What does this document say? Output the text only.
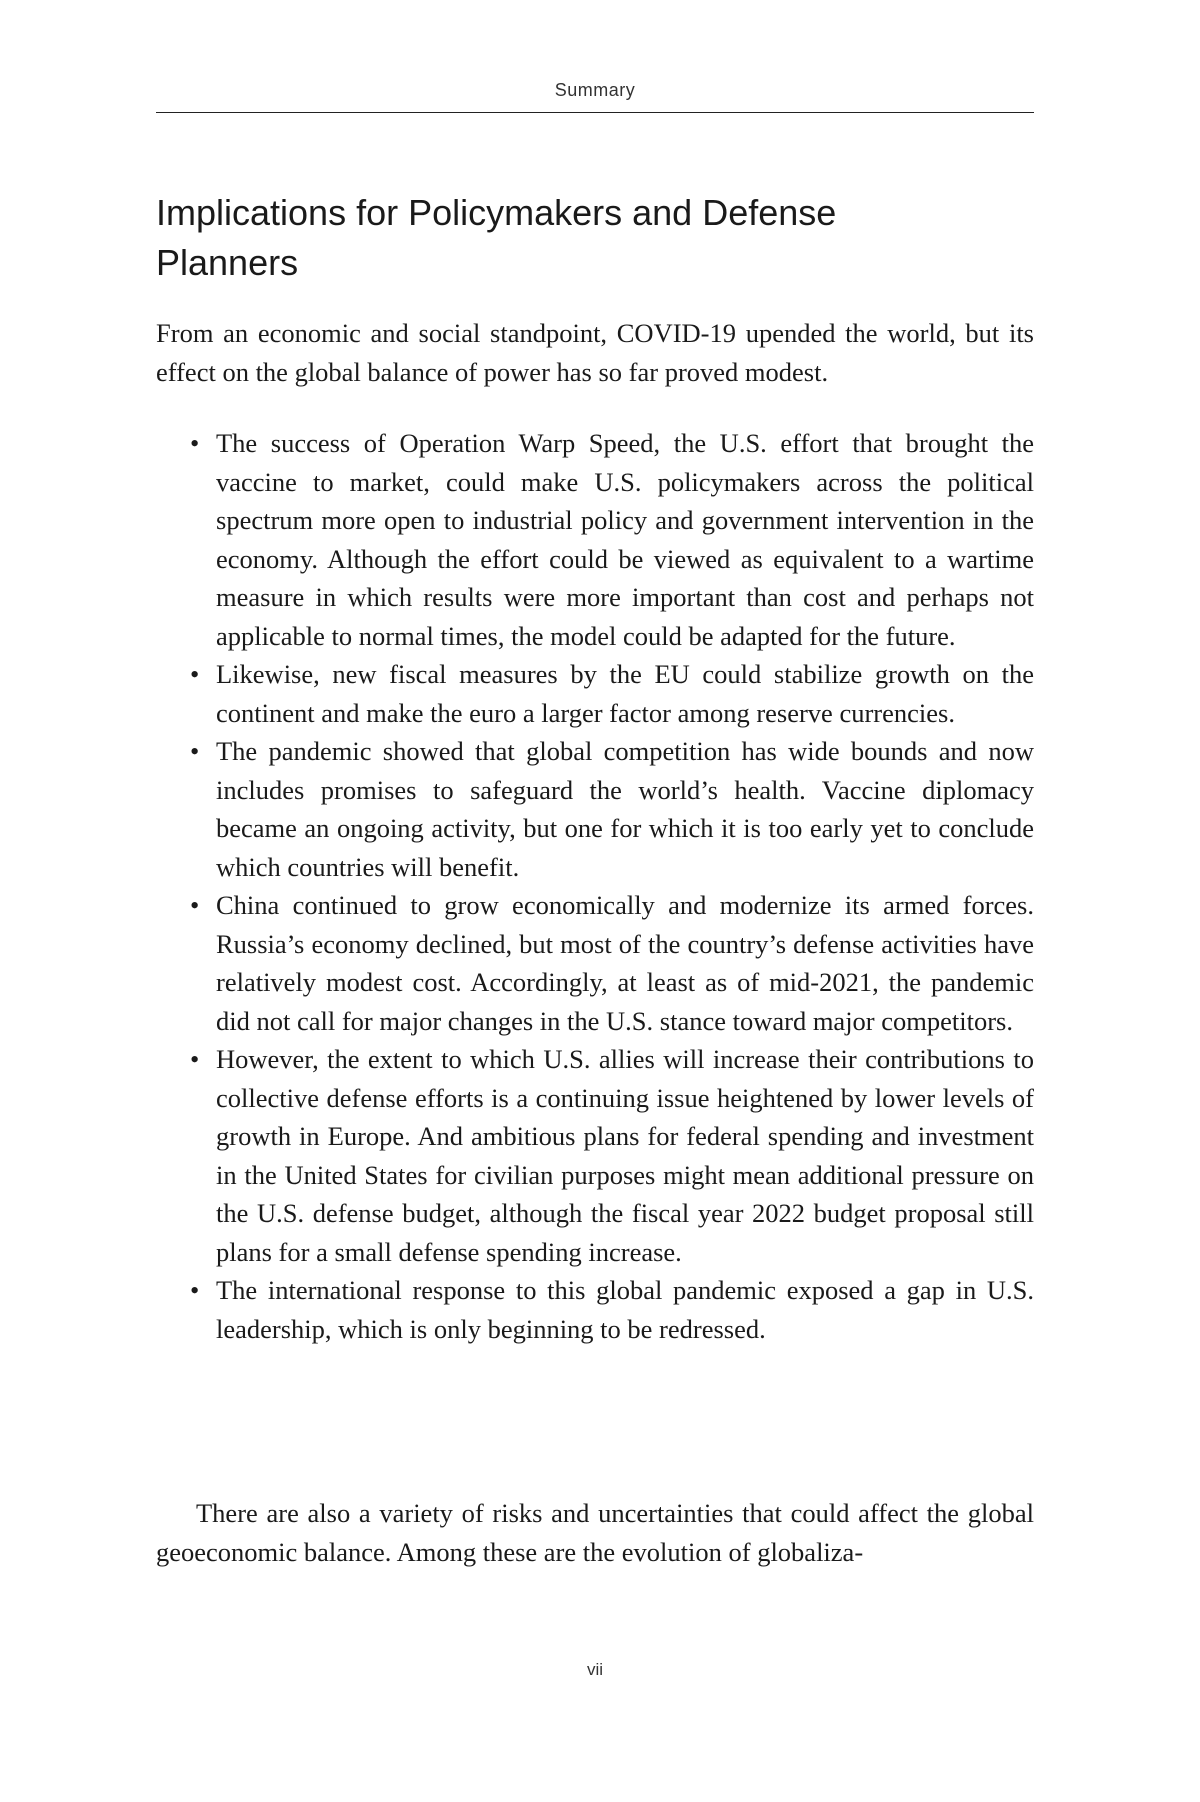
Summary
Implications for Policymakers and Defense Planners

From an economic and social standpoint, COVID-19 upended the world, but its effect on the global balance of power has so far proved modest.

• The success of Operation Warp Speed, the U.S. effort that brought the vaccine to market, could make U.S. policymakers across the political spectrum more open to industrial policy and government intervention in the economy. Although the effort could be viewed as equivalent to a wartime measure in which results were more important than cost and perhaps not applicable to normal times, the model could be adapted for the future.
• Likewise, new fiscal measures by the EU could stabilize growth on the continent and make the euro a larger factor among reserve currencies.
• The pandemic showed that global competition has wide bounds and now includes promises to safeguard the world’s health. Vaccine diplomacy became an ongoing activity, but one for which it is too early yet to conclude which countries will benefit.
• China continued to grow economically and modernize its armed forces. Russia’s economy declined, but most of the country’s defense activities have relatively modest cost. Accordingly, at least as of mid-2021, the pandemic did not call for major changes in the U.S. stance toward major competitors.
• However, the extent to which U.S. allies will increase their contributions to collective defense efforts is a continuing issue heightened by lower levels of growth in Europe. And ambitious plans for federal spending and investment in the United States for civilian purposes might mean additional pressure on the U.S. defense budget, although the fiscal year 2022 budget proposal still plans for a small defense spending increase.
• The international response to this global pandemic exposed a gap in U.S. leadership, which is only beginning to be redressed.

There are also a variety of risks and uncertainties that could affect the global geoeconomic balance. Among these are the evolution of globaliza-

vii
